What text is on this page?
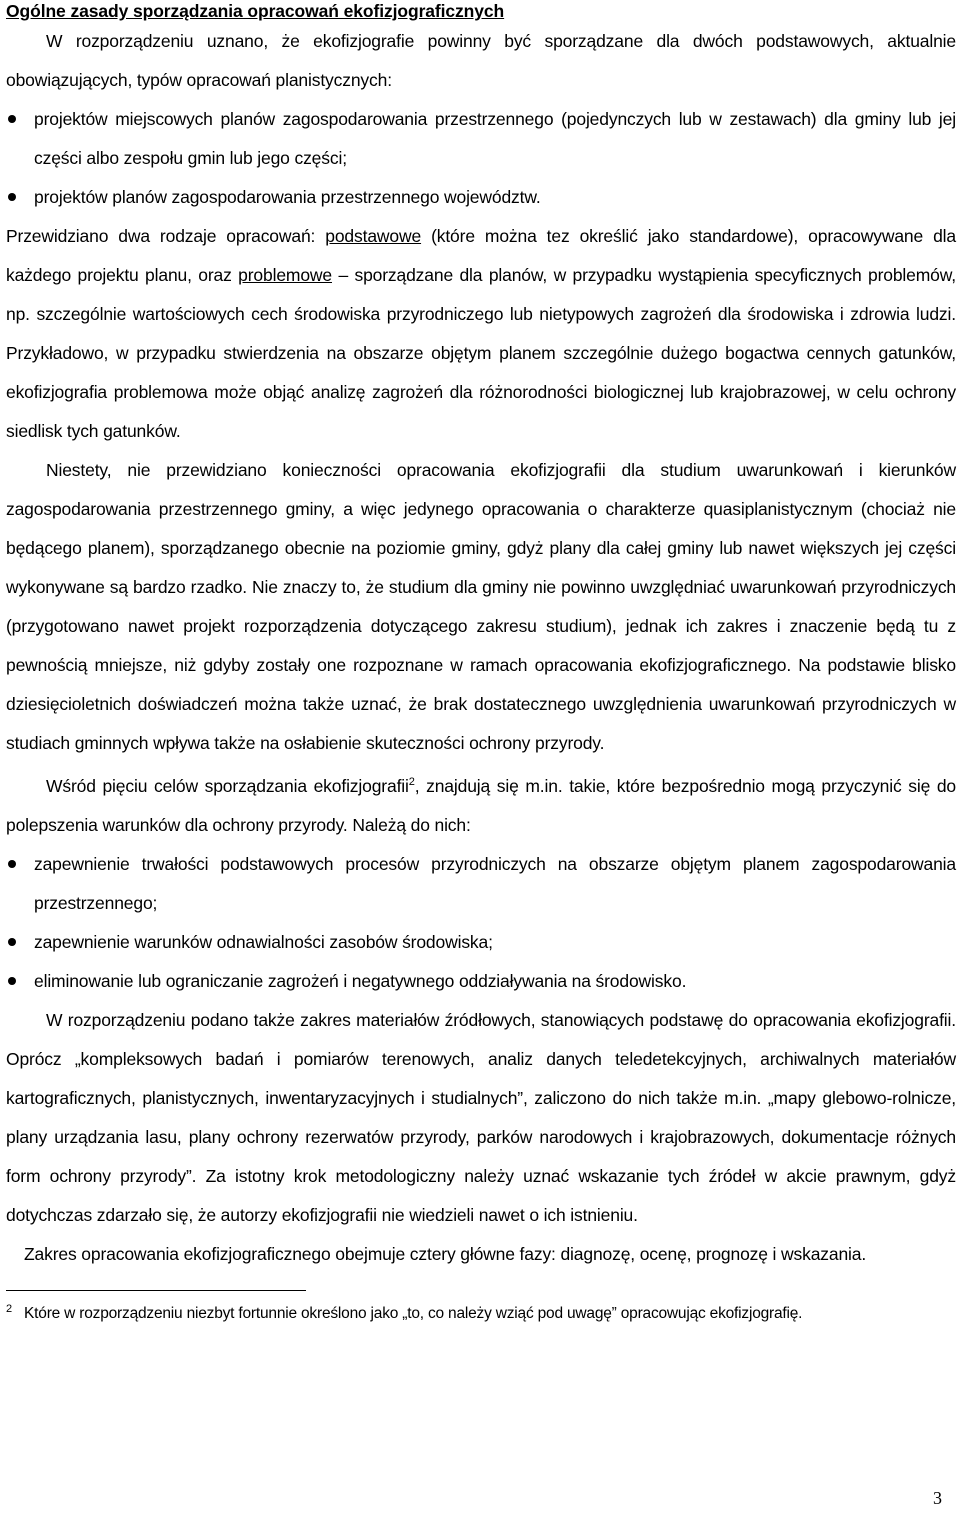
Ogólne zasady sporządzania opracowań ekofizjograficznych

W rozporządzeniu uznano, że ekofizjografie powinny być sporządzane dla dwóch podstawowych, aktualnie obowiązujących, typów opracowań planistycznych:

projektów miejscowych planów zagospodarowania przestrzennego (pojedynczych lub w zestawach) dla gminy lub jej części albo zespołu gmin lub jego części;
projektów planów zagospodarowania przestrzennego województw.

Przewidziano dwa rodzaje opracowań: podstawowe (które można tez określić jako standardowe), opracowywane dla każdego projektu planu, oraz problemowe – sporządzane dla planów, w przypadku wystąpienia specyficznych problemów, np. szczególnie wartościowych cech środowiska przyrodniczego lub nietypowych zagrożeń dla środowiska i zdrowia ludzi. Przykładowo, w przypadku stwierdzenia na obszarze objętym planem szczególnie dużego bogactwa cennych gatunków, ekofizjografia problemowa może objąć analizę zagrożeń dla różnorodności biologicznej lub krajobrazowej, w celu ochrony siedlisk tych gatunków.

Niestety, nie przewidziano konieczności opracowania ekofizjografii dla studium uwarunkowań i kierunków zagospodarowania przestrzennego gminy, a więc jedynego opracowania o charakterze quasiplanistycznym (chociaż nie będącego planem), sporządzanego obecnie na poziomie gminy, gdyż plany dla całej gminy lub nawet większych jej części wykonywane są bardzo rzadko. Nie znaczy to, że studium dla gminy nie powinno uwzględniać uwarunkowań przyrodniczych (przygotowano nawet projekt rozporządzenia dotyczącego zakresu studium), jednak ich zakres i znaczenie będą tu z pewnością mniejsze, niż gdyby zostały one rozpoznane w ramach opracowania ekofizjograficznego. Na podstawie blisko dziesięcioletnich doświadczeń można także uznać, że brak dostatecznego uwzględnienia uwarunkowań przyrodniczych w studiach gminnych wpływa także na osłabienie skuteczności ochrony przyrody.

Wśród pięciu celów sporządzania ekofizjografii$^2$, znajdują się m.in. takie, które bezpośrednio mogą przyczynić się do polepszenia warunków dla ochrony przyrody. Należą do nich:

zapewnienie trwałości podstawowych procesów przyrodniczych na obszarze objętym planem zagospodarowania przestrzennego;
zapewnienie warunków odnawialności zasobów środowiska;
eliminowanie lub ograniczanie zagrożeń i negatywnego oddziaływania na środowisko.

W rozporządzeniu podano także zakres materiałów źródłowych, stanowiących podstawę do opracowania ekofizjografii. Oprócz „kompleksowych badań i pomiarów terenowych, analiz danych teledetekcyjnych, archiwalnych materiałów kartograficznych, planistycznych, inwentaryzacyjnych i studialnych”, zaliczono do nich także m.in. „mapy glebowo-rolnicze, plany urządzania lasu, plany ochrony rezerwatów przyrody, parków narodowych i krajobrazowych, dokumentacje różnych form ochrony przyrody”. Za istotny krok metodologiczny należy uznać wskazanie tych źródeł w akcie prawnym, gdyż dotychczas zdarzało się, że autorzy ekofizjografii nie wiedzieli nawet o ich istnieniu.

Zakres opracowania ekofizjograficznego obejmuje cztery główne fazy: diagnozę, ocenę, prognozę i wskazania.

$^2$ Które w rozporządzeniu niezbyt fortunnie określono jako „to, co należy wziąć pod uwagę” opracowując ekofizjografię.
3
